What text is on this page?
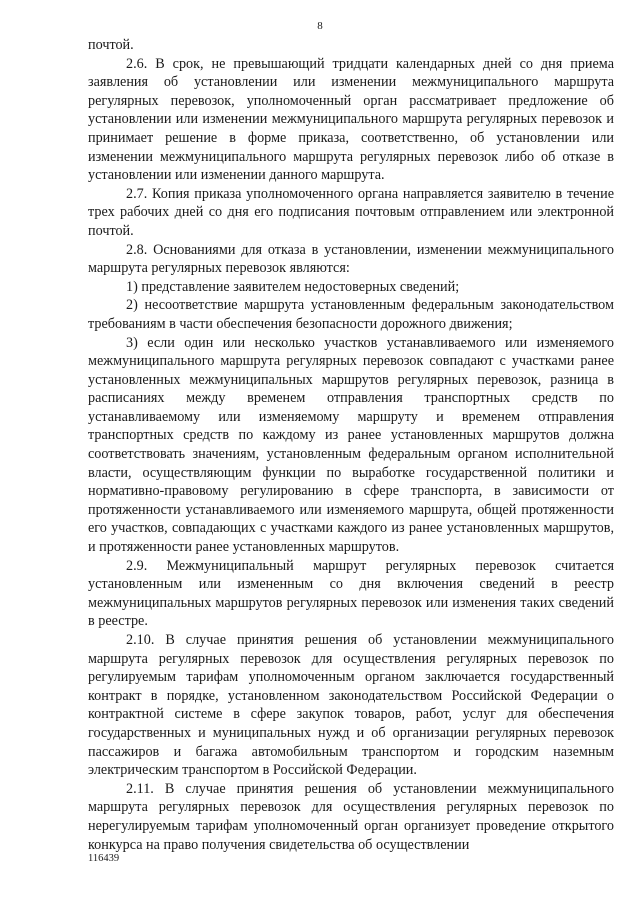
8

почтой.

2.6. В срок, не превышающий тридцати календарных дней со дня приема заявления об установлении или изменении межмуниципального маршрута регулярных перевозок, уполномоченный орган рассматривает предложение об установлении или изменении межмуниципального маршрута регулярных перевозок и принимает решение в форме приказа, соответственно, об установлении или изменении межмуниципального маршрута регулярных перевозок либо об отказе в установлении или изменении данного маршрута.

2.7. Копия приказа уполномоченного органа направляется заявителю в течение трех рабочих дней со дня его подписания почтовым отправлением или электронной почтой.

2.8. Основаниями для отказа в установлении, изменении межмуниципального маршрута регулярных перевозок являются:

1) представление заявителем недостоверных сведений;

2) несоответствие маршрута установленным федеральным законодательством требованиям в части обеспечения безопасности дорожного движения;

3) если один или несколько участков устанавливаемого или изменяемого межмуниципального маршрута регулярных перевозок совпадают с участками ранее установленных межмуниципальных маршрутов регулярных перевозок, разница в расписаниях между временем отправления транспортных средств по устанавливаемому или изменяемому маршруту и временем отправления транспортных средств по каждому из ранее установленных маршрутов должна соответствовать значениям, установленным федеральным органом исполнительной власти, осуществляющим функции по выработке государственной политики и нормативно-правовому регулированию в сфере транспорта, в зависимости от протяженности устанавливаемого или изменяемого маршрута, общей протяженности его участков, совпадающих с участками каждого из ранее установленных маршрутов, и протяженности ранее установленных маршрутов.

2.9. Межмуниципальный маршрут регулярных перевозок считается установленным или измененным со дня включения сведений в реестр межмуниципальных маршрутов регулярных перевозок или изменения таких сведений в реестре.

2.10. В случае принятия решения об установлении межмуниципального маршрута регулярных перевозок для осуществления регулярных перевозок по регулируемым тарифам уполномоченным органом заключается государственный контракт в порядке, установленном законодательством Российской Федерации о контрактной системе в сфере закупок товаров, работ, услуг для обеспечения государственных и муниципальных нужд и об организации регулярных перевозок пассажиров и багажа автомобильным транспортом и городским наземным электрическим транспортом в Российской Федерации.

2.11. В случае принятия решения об установлении межмуниципального маршрута регулярных перевозок для осуществления регулярных перевозок по нерегулируемым тарифам уполномоченный орган организует проведение открытого конкурса на право получения свидетельства об осуществлении

116439
